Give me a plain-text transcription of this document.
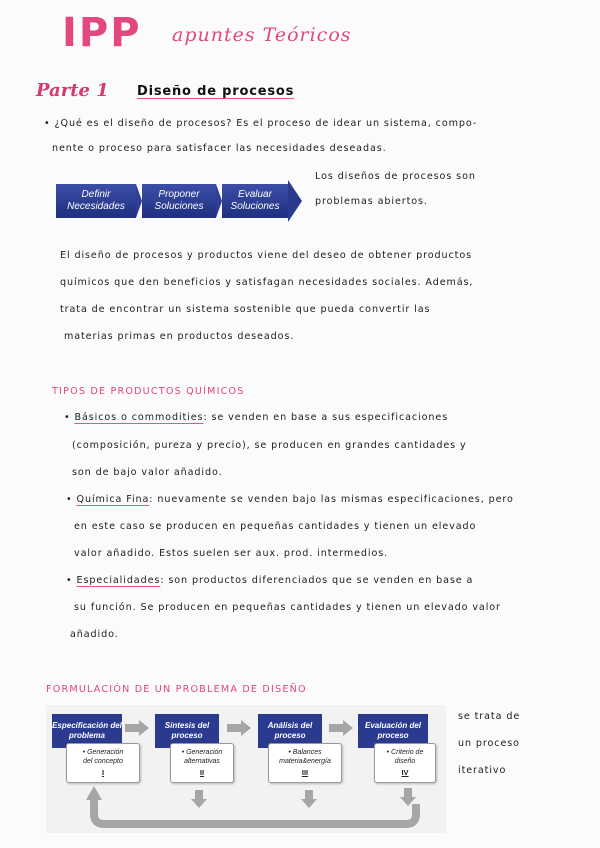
IPP apuntes Teóricos
Parte 1 Diseño de procesos
• ¿Qué es el diseño de procesos? Es el proceso de idear un sistema, compo-
nente o proceso para satisfacer las necesidades deseadas.
Definir
Necesidades
Proponer
Soluciones
Evaluar
Soluciones
Los diseños de procesos son
problemas abiertos.
El diseño de procesos y productos viene del deseo de obtener productos
químicos que den beneficios y satisfagan necesidades sociales. Además,
trata de encontrar un sistema sostenible que pueda convertir las
materias primas en productos deseados.
TIPOS DE PRODUCTOS QUÍMICOS
• Básicos o commodities: se venden en base a sus especificaciones
(composición, pureza y precio), se producen en grandes cantidades y
son de bajo valor añadido.
• Química Fina: nuevamente se venden bajo las mismas especificaciones, pero
en este caso se producen en pequeñas cantidades y tienen un elevado
valor añadido. Estos suelen ser aux. prod. intermedios.
• Especialidades: son productos diferenciados que se venden en base a
su función. Se producen en pequeñas cantidades y tienen un elevado valor
añadido.
FORMULACIÓN DE UN PROBLEMA DE DISEÑO
Especificación del
problema
Síntesis del
proceso
Análisis del
proceso
Evaluación del
proceso
• Generación
del concepto
I
• Generación
alternativas
II
• Balances
materia&energía
III
• Criterio de
diseño
IV
se trata de
un proceso
iterativo
